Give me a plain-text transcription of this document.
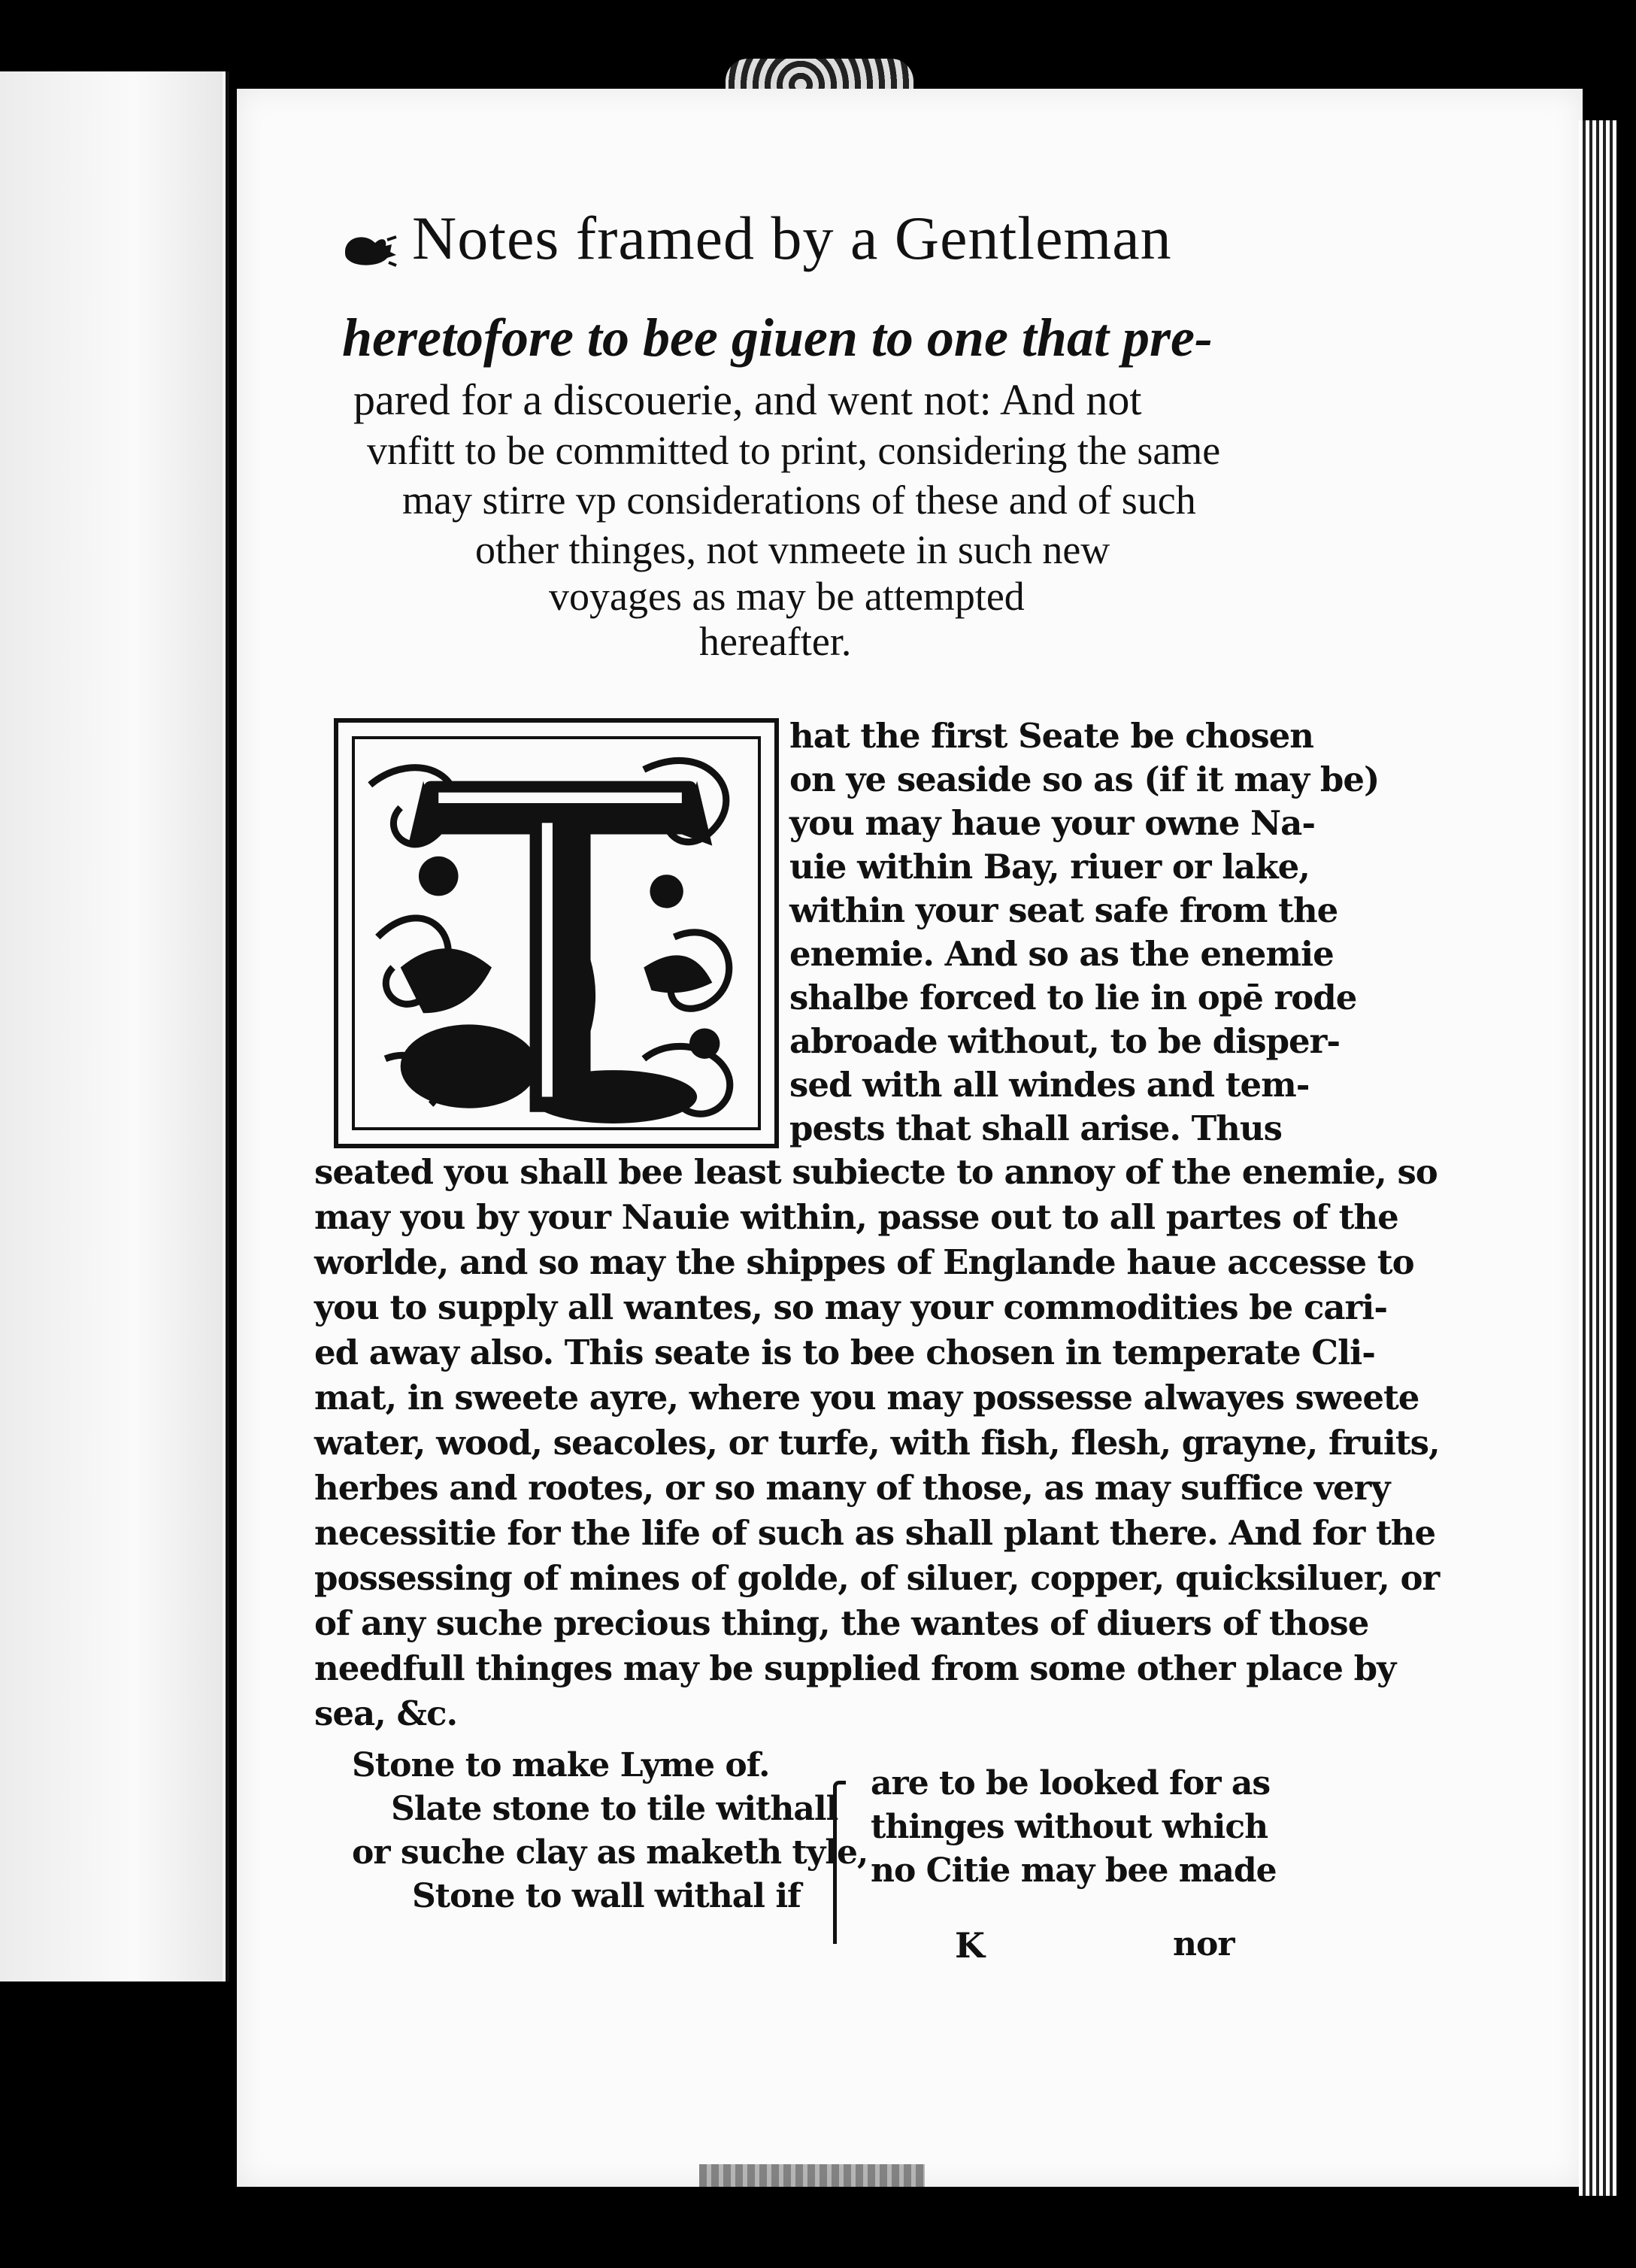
Notes framed by a Gentleman
heretofore to bee giuen to one that pre-
pared for a discouerie, and went not: And not
vnfitt to be committed to print, considering the same
may stirre vp considerations of these and of such
other thinges, not vnmeete in such new
voyages as may be attempted
hereafter.
hat the first Seate be chosen
on ye seaside so as (if it may be)
you may haue your owne Na-
uie within Bay, riuer or lake,
within your seat safe from the
enemie. And so as the enemie
shalbe forced to lie in opē rode
abroade without, to be disper-
sed with all windes and tem-
pests that shall arise. Thus
seated you shall bee least subiecte to annoy of the enemie, so
may you by your Nauie within, passe out to all partes of the
worlde, and so may the shippes of Englande haue accesse to
you to supply all wantes, so may your commodities be cari-
ed away also. This seate is to bee chosen in temperate Cli-
mat, in sweete ayre, where you may possesse alwayes sweete
water, wood, seacoles, or turfe, with fish, flesh, grayne, fruits,
herbes and rootes, or so many of those, as may suffice very
necessitie for the life of such as shall plant there. And for the
possessing of mines of golde, of siluer, copper, quicksiluer, or
of any suche precious thing, the wantes of diuers of those
needfull thinges may be supplied from some other place by
sea, &c.
Stone to make Lyme of.
Slate stone to tile withall
or suche clay as maketh tyle,
Stone to wall withal if
are to be looked for as
thinges without which
no Citie may bee made
K	nor
